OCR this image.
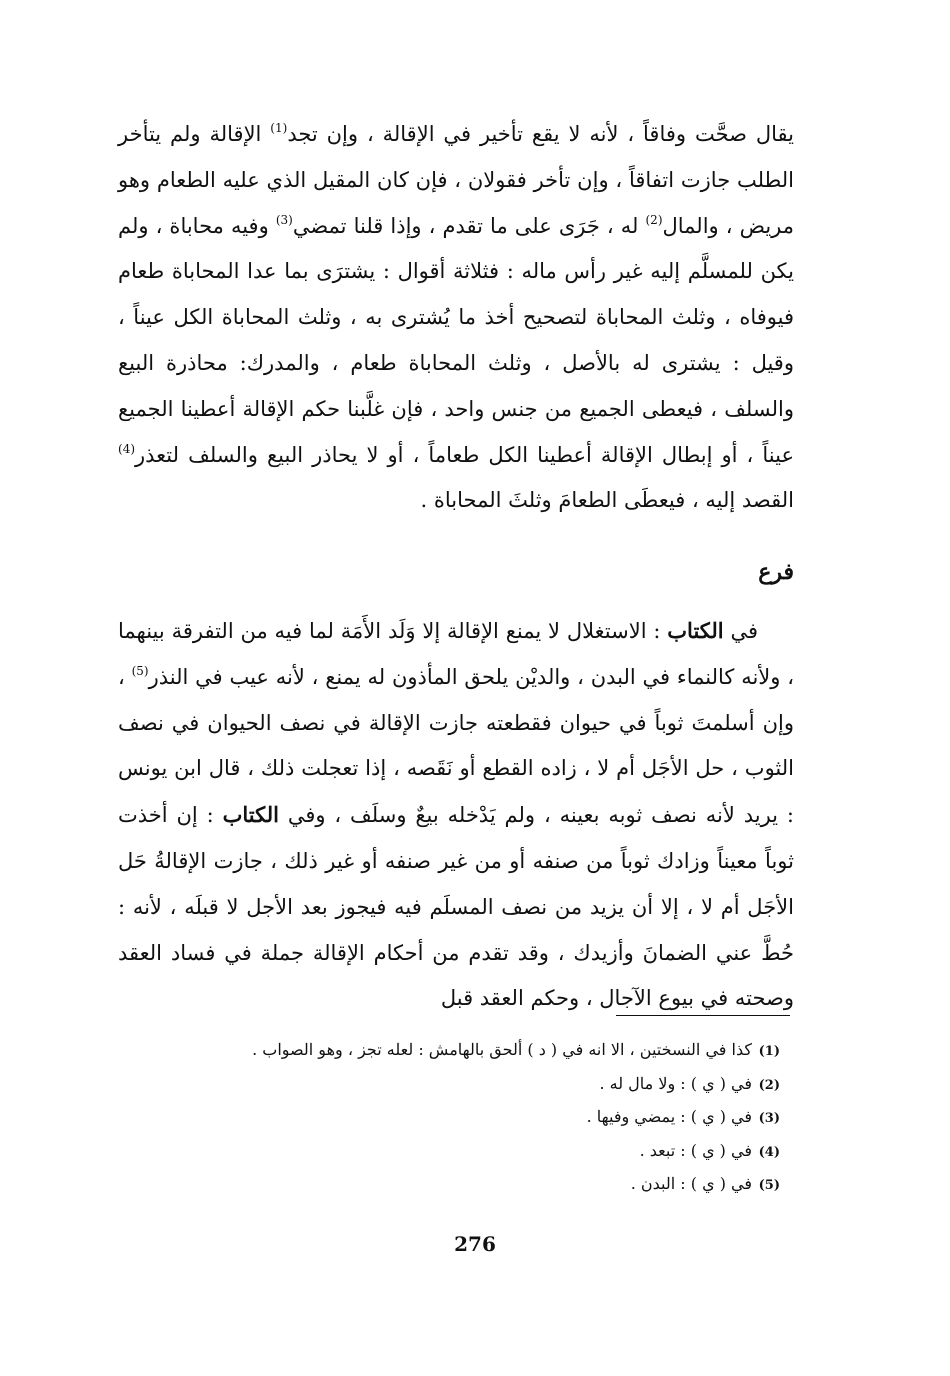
يقال صحَّت وفاقاً ، لأنه لا يقع تأخير في الإقالة ، وإن تجد$^{(1)}$ الإقالة ولم يتأخر الطلب جازت اتفاقاً ، وإن تأخر فقولان ، فإن كان المقيل الذي عليه الطعام وهو مريض ، والمال$^{(2)}$ له ، جَرَى على ما تقدم ، وإذا قلنا تمضي$^{(3)}$ وفيه محاباة ، ولم يكن للمسلَّم إليه غير رأس ماله : فثلاثة أقوال : يشترَى بما عدا المحاباة طعام فيوفاه ، وثلث المحاباة لتصحيح أخذ ما يُشترى به ، وثلث المحاباة الكل عيناً ، وقيل : يشترى له بالأصل ، وثلث المحاباة طعام ، والمدرك: محاذرة البيع والسلف ، فيعطى الجميع من جنس واحد ، فإن غلَّبنا حكم الإقالة أعطينا الجميع عيناً ، أو إبطال الإقالة أعطينا الكل طعاماً ، أو لا يحاذر البيع والسلف لتعذر$^{(4)}$ القصد إليه ، فيعطَى الطعامَ وثلثَ المحاباة .

فرع

في الكتاب : الاستغلال لا يمنع الإقالة إلا وَلَد الأَمَة لما فيه من التفرقة بينهما ، ولأنه كالنماء في البدن ، والديْن يلحق المأذون له يمنع ، لأنه عيب في النذر$^{(5)}$ ، وإن أسلمتَ ثوباً في حيوان فقطعته جازت الإقالة في نصف الحيوان في نصف الثوب ، حل الأجَل أم لا ، زاده القطع أو نَقَصه ، إذا تعجلت ذلك ، قال ابن يونس : يريد لأنه نصف ثوبه بعينه ، ولم يَدْخله بيعٌ وسلَف ، وفي الكتاب : إن أخذت ثوباً معيناً وزادك ثوباً من صنفه أو من غير صنفه أو غير ذلك ، جازت الإقالةُ حَل الأجَل أم لا ، إلا أن يزيد من نصف المسلَم فيه فيجوز بعد الأجل لا قبلَه ، لأنه : حُطَّ عني الضمانَ وأزيدك ، وقد تقدم من أحكام الإقالة جملة في فساد العقد وصحته في بيوع الآجال ، وحكم العقد قبل

(1)كذا في النسختين ، الا انه في ( د ) ألحق بالهامش : لعله تجز ، وهو الصواب .
(2)في ( ي ) : ولا مال له .
(3)في ( ي ) : يمضي وفيها .
(4)في ( ي ) : تبعد .
(5)في ( ي ) : البدن .
276
